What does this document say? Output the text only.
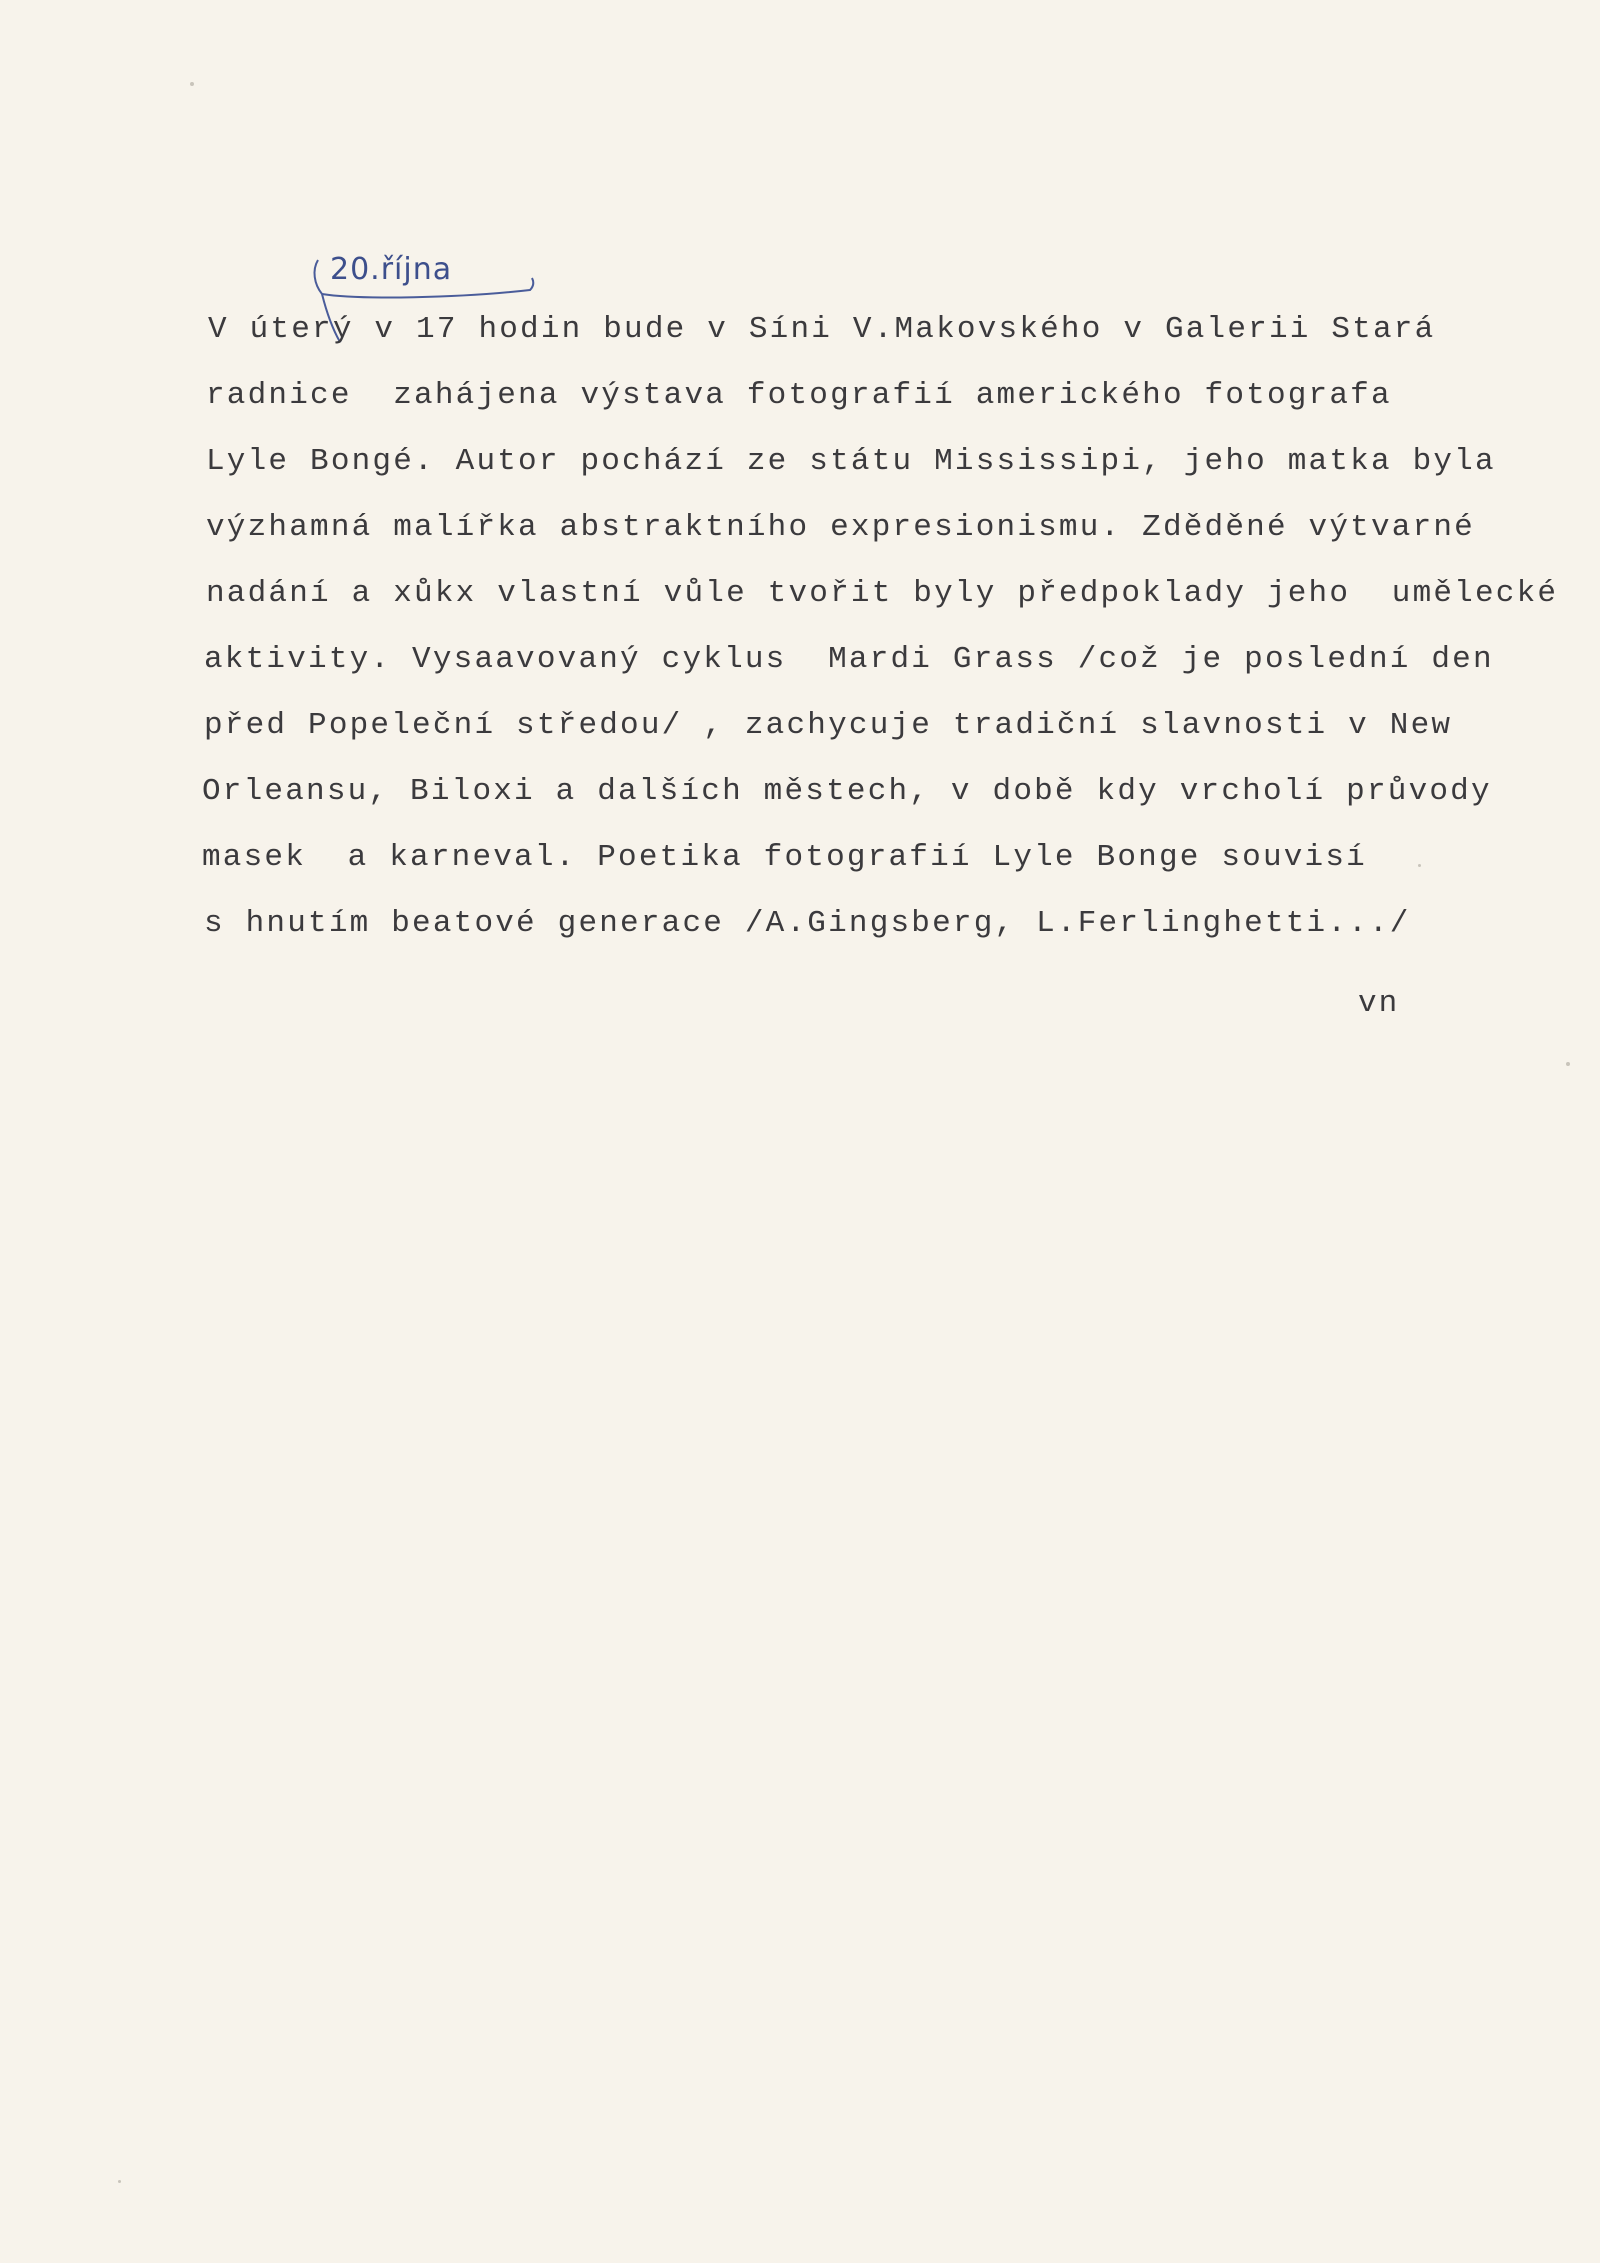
20.října
V úterý v 17 hodin bude v Síni V.Makovského v Galerii Stará
radnice  zahájena výstava fotografií amerického fotografa
Lyle Bongé. Autor pochází ze státu Mississipi, jeho matka byla
výzhamná malířka abstraktního expresionismu. Zděděné výtvarné
nadání a xůkx vlastní vůle tvořit byly předpoklady jeho  umělecké
aktivity. Vysaavovaný cyklus  Mardi Grass /což je poslední den
před Popeleční středou/ , zachycuje tradiční slavnosti v New
Orleansu, Biloxi a dalších městech, v době kdy vrcholí průvody
masek  a karneval. Poetika fotografií Lyle Bonge souvisí
s hnutím beatové generace /A.Gingsberg, L.Ferlinghetti.../
vn
